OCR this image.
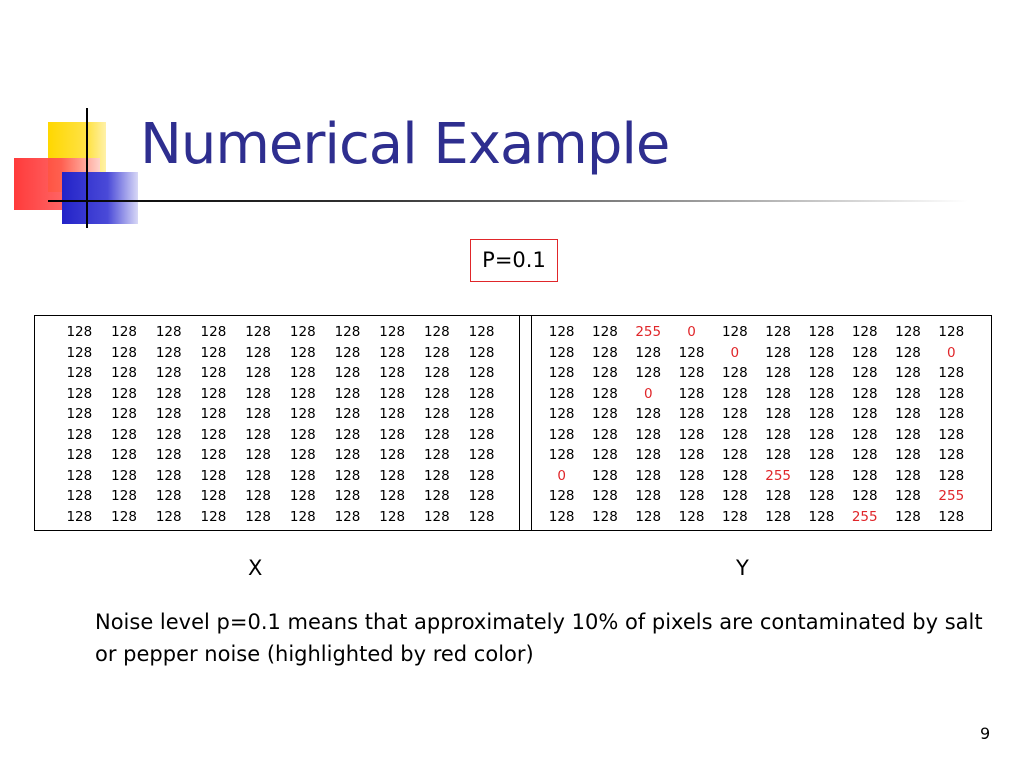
Numerical Example
P=0.1
128	128	128	128	128	128	128	128	128	128
128	128	128	128	128	128	128	128	128	128
128	128	128	128	128	128	128	128	128	128
128	128	128	128	128	128	128	128	128	128
128	128	128	128	128	128	128	128	128	128
128	128	128	128	128	128	128	128	128	128
128	128	128	128	128	128	128	128	128	128
128	128	128	128	128	128	128	128	128	128
128	128	128	128	128	128	128	128	128	128
128	128	128	128	128	128	128	128	128	128
128	128	255	0	128	128	128	128	128	128
128	128	128	128	0	128	128	128	128	0
128	128	128	128	128	128	128	128	128	128
128	128	0	128	128	128	128	128	128	128
128	128	128	128	128	128	128	128	128	128
128	128	128	128	128	128	128	128	128	128
128	128	128	128	128	128	128	128	128	128
0	128	128	128	128	255	128	128	128	128
128	128	128	128	128	128	128	128	128	255
128	128	128	128	128	128	128	255	128	128
X	Y

Noise level p=0.1 means that approximately 10% of pixels are contaminated by salt or pepper noise (highlighted by red color)

9
